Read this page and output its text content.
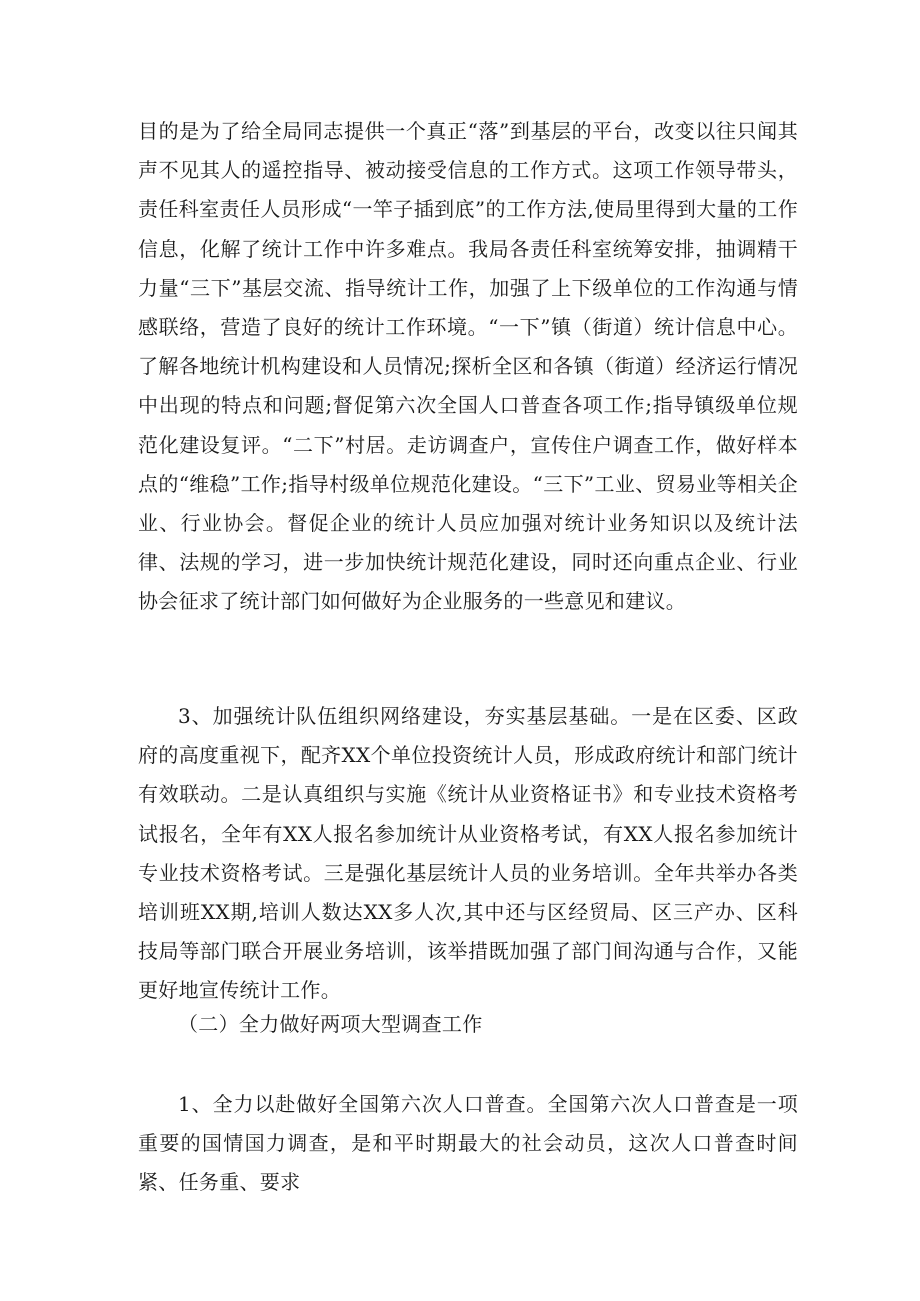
目的是为了给全局同志提供一个真正“落”到基层的平台，改变以往只闻其声不见其人的遥控指导、被动接受信息的工作方式。这项工作领导带头，责任科室责任人员形成“一竿子插到底”的工作方法,使局里得到大量的工作信息，化解了统计工作中许多难点。我局各责任科室统筹安排，抽调精干力量“三下”基层交流、指导统计工作，加强了上下级单位的工作沟通与情感联络，营造了良好的统计工作环境。“一下”镇（街道）统计信息中心。了解各地统计机构建设和人员情况;探析全区和各镇（街道）经济运行情况中出现的特点和问题;督促第六次全国人口普查各项工作;指导镇级单位规范化建设复评。“二下”村居。走访调查户，宣传住户调查工作，做好样本点的“维稳”工作;指导村级单位规范化建设。“三下”工业、贸易业等相关企业、行业协会。督促企业的统计人员应加强对统计业务知识以及统计法律、法规的学习，进一步加快统计规范化建设，同时还向重点企业、行业协会征求了统计部门如何做好为企业服务的一些意见和建议。

3、加强统计队伍组织网络建设，夯实基层基础。一是在区委、区政府的高度重视下，配齐XX个单位投资统计人员，形成政府统计和部门统计有效联动。二是认真组织与实施《统计从业资格证书》和专业技术资格考试报名，全年有XX人报名参加统计从业资格考试，有XX人报名参加统计专业技术资格考试。三是强化基层统计人员的业务培训。全年共举办各类培训班XX期,培训人数达XX多人次,其中还与区经贸局、区三产办、区科技局等部门联合开展业务培训，该举措既加强了部门间沟通与合作，又能更好地宣传统计工作。

（二）全力做好两项大型调查工作

1、全力以赴做好全国第六次人口普查。全国第六次人口普查是一项重要的国情国力调查，是和平时期最大的社会动员，这次人口普查时间紧、任务重、要求
